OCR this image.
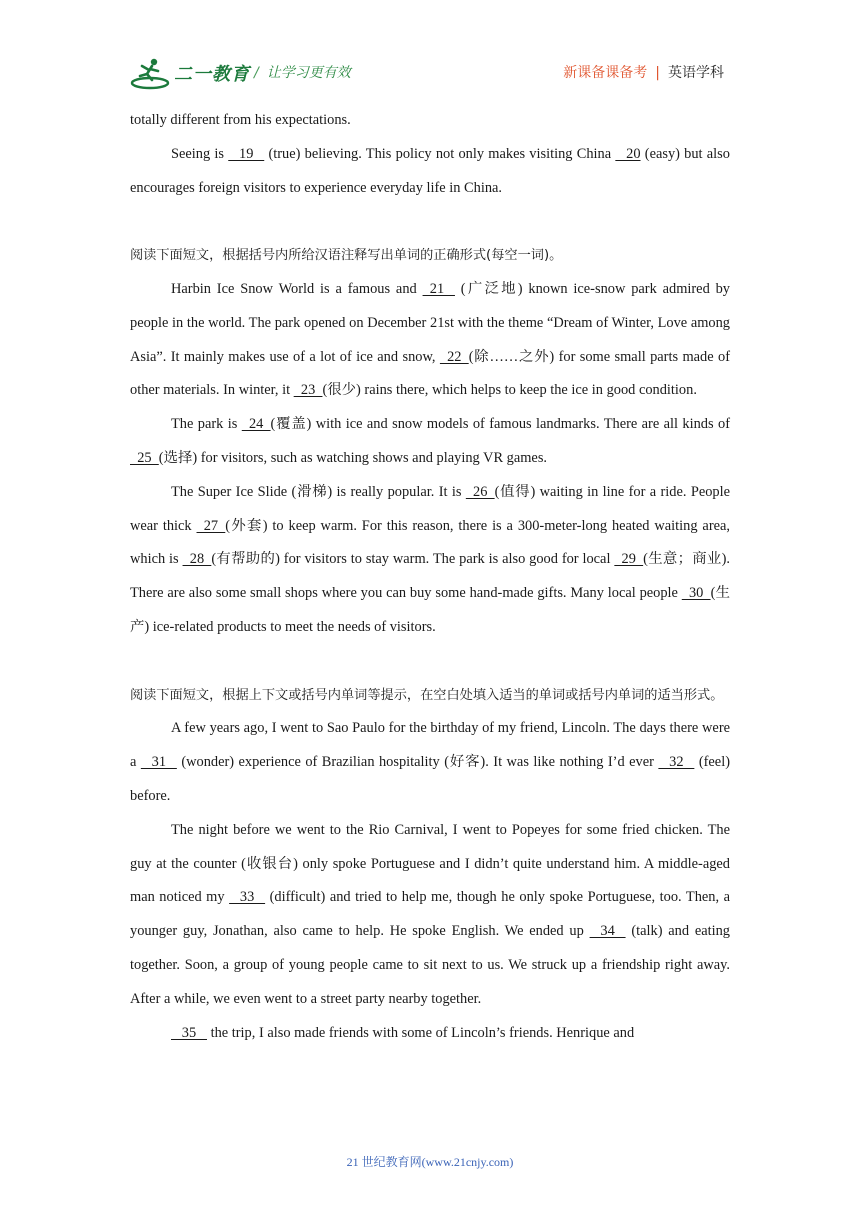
二一教育 / 让学习更有效	新课备课备考 | 英语学科

totally different from his expectations.

Seeing is    19    (true) believing. This policy not only makes visiting China    20 (easy) but also encourages foreign visitors to experience everyday life in China.

阅读下面短文，根据括号内所给汉语注释写出单词的正确形式(每空一词)。

Harbin Ice Snow World is a famous and   21    (广泛地) known ice-snow park admired by people in the world. The park opened on December 21st with the theme “Dream of Winter, Love among Asia”. It mainly makes use of a lot of ice and snow,   22  (除……之外) for some small parts made of other materials. In winter, it   23  (很少) rains there, which helps to keep the ice in good condition.

The park is   24  (覆盖) with ice and snow models of famous landmarks. There are all kinds of   25  (选择) for visitors, such as watching shows and playing VR games.

The Super Ice Slide (滑梯) is really popular. It is   26  (值得) waiting in line for a ride. People wear thick   27  (外套) to keep warm. For this reason, there is a 300-meter-long heated waiting area, which is   28  (有帮助的) for visitors to stay warm. The park is also good for local   29  (生意；商业). There are also some small shops where you can buy some hand-made gifts. Many local people   30  (生产) ice-related products to meet the needs of visitors.

阅读下面短文，根据上下文或括号内单词等提示，在空白处填入适当的单词或括号内单词的适当形式。

A few years ago, I went to Sao Paulo for the birthday of my friend, Lincoln. The days there were a    31    (wonder) experience of Brazilian hospitality (好客). It was like nothing I’d ever    32    (feel) before.

The night before we went to the Rio Carnival, I went to Popeyes for some fried chicken. The guy at the counter (收银台) only spoke Portuguese and I didn’t quite understand him. A middle-aged man noticed my    33    (difficult) and tried to help me, though he only spoke Portuguese, too. Then, a younger guy, Jonathan, also came to help. He spoke English. We ended up    34    (talk) and eating together. Soon, a group of young people came to sit next to us. We struck up a friendship right away. After a while, we even went to a street party nearby together.

35    the trip, I also made friends with some of Lincoln’s friends. Henrique and

21 世纪教育网(www.21cnjy.com)
